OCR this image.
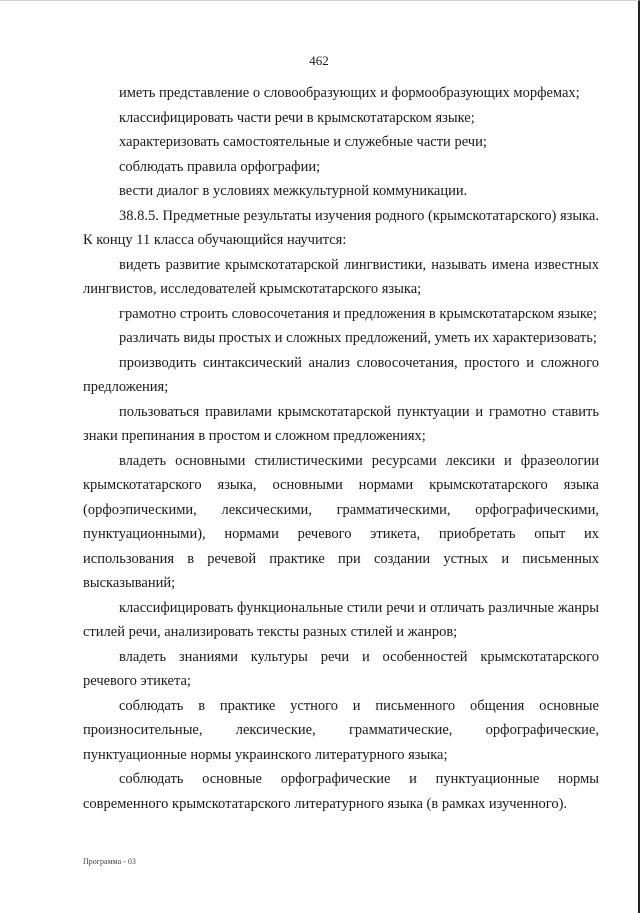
462

иметь представление о словообразующих и формообразующих морфемах;

классифицировать части речи в крымскотатарском языке;

характеризовать самостоятельные и служебные части речи;

соблюдать правила орфографии;

вести диалог в условиях межкультурной коммуникации.

38.8.5. Предметные результаты изучения родного (крымскотатарского) языка. К концу 11 класса обучающийся научится:

видеть развитие крымскотатарской лингвистики, называть имена известных лингвистов, исследователей крымскотатарского языка;

грамотно строить словосочетания и предложения в крымскотатарском языке;

различать виды простых и сложных предложений, уметь их характеризовать;

производить синтаксический анализ словосочетания, простого и сложного предложения;

пользоваться правилами крымскотатарской пунктуации и грамотно ставить знаки препинания в простом и сложном предложениях;

владеть основными стилистическими ресурсами лексики и фразеологии крымскотатарского языка, основными нормами крымскотатарского языка (орфоэпическими, лексическими, грамматическими, орфографическими, пунктуационными), нормами речевого этикета, приобретать опыт их использования в речевой практике при создании устных и письменных высказываний;

классифицировать функциональные стили речи и отличать различные жанры стилей речи, анализировать тексты разных стилей и жанров;

владеть знаниями культуры речи и особенностей крымскотатарского речевого этикета;

соблюдать в практике устного и письменного общения основные произносительные, лексические, грамматические, орфографические, пунктуационные нормы украинского литературного языка;

соблюдать основные орфографические и пунктуационные нормы современного крымскотатарского литературного языка (в рамках изученного).

Программа - 03
